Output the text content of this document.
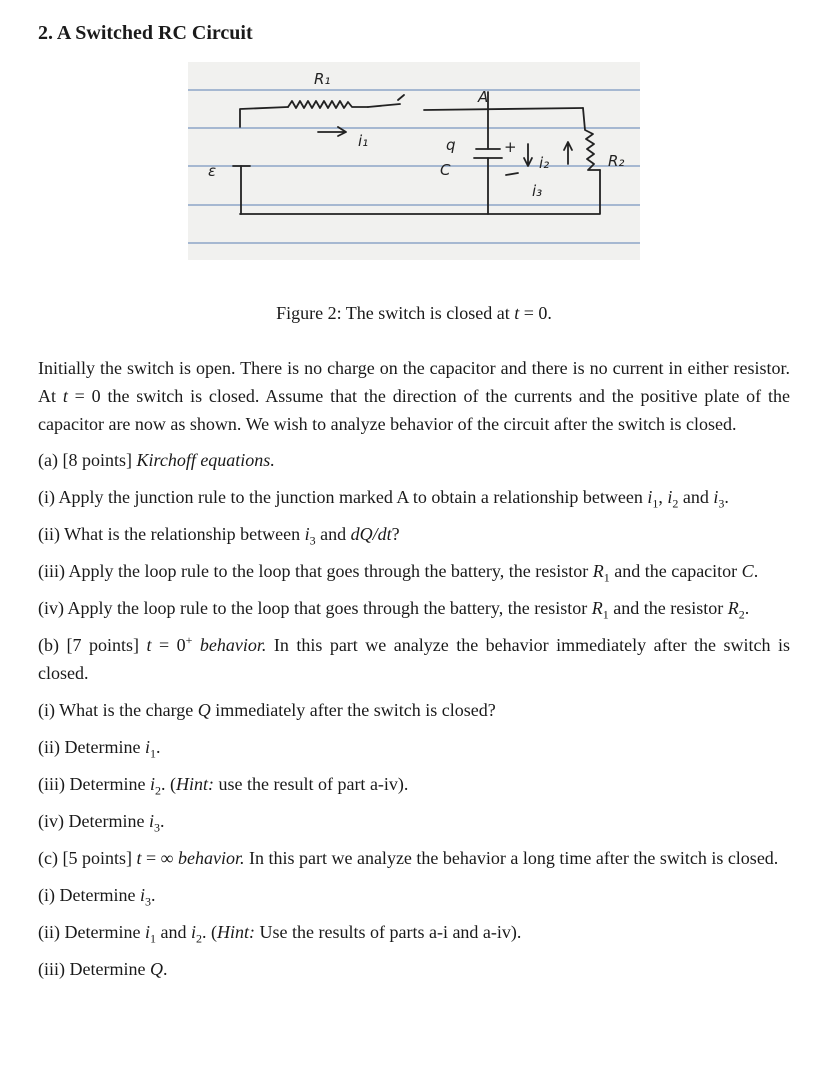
2. A Switched RC Circuit
R₁
A
i₁	q	+
C
ε	i₂
i₃
R₂
Figure 2: The switch is closed at t = 0.

Initially the switch is open. There is no charge on the capacitor and there is no current in either resistor. At t = 0 the switch is closed. Assume that the direction of the currents and the positive plate of the capacitor are now as shown. We wish to analyze behavior of the circuit after the switch is closed.

(a) [8 points] Kirchoff equations.

(i) Apply the junction rule to the junction marked A to obtain a relationship between $i_1$, $i_2$ and $i_3$.

(ii) What is the relationship between $i_3$ and dQ/dt?

(iii) Apply the loop rule to the loop that goes through the battery, the resistor $R_1$ and the capacitor C.

(iv) Apply the loop rule to the loop that goes through the battery, the resistor $R_1$ and the resistor $R_2$.

(b) [7 points] t = 0+ behavior. In this part we analyze the behavior immediately after the switch is closed.

(i) What is the charge Q immediately after the switch is closed?

(ii) Determine $i_1$.

(iii) Determine $i_2$. (Hint: use the result of part a-iv).

(iv) Determine $i_3$.

(c) [5 points] t = ∞ behavior. In this part we analyze the behavior a long time after the switch is closed.

(i) Determine $i_3$.

(ii) Determine $i_1$ and $i_2$. (Hint: Use the results of parts a-i and a-iv).

(iii) Determine Q.
